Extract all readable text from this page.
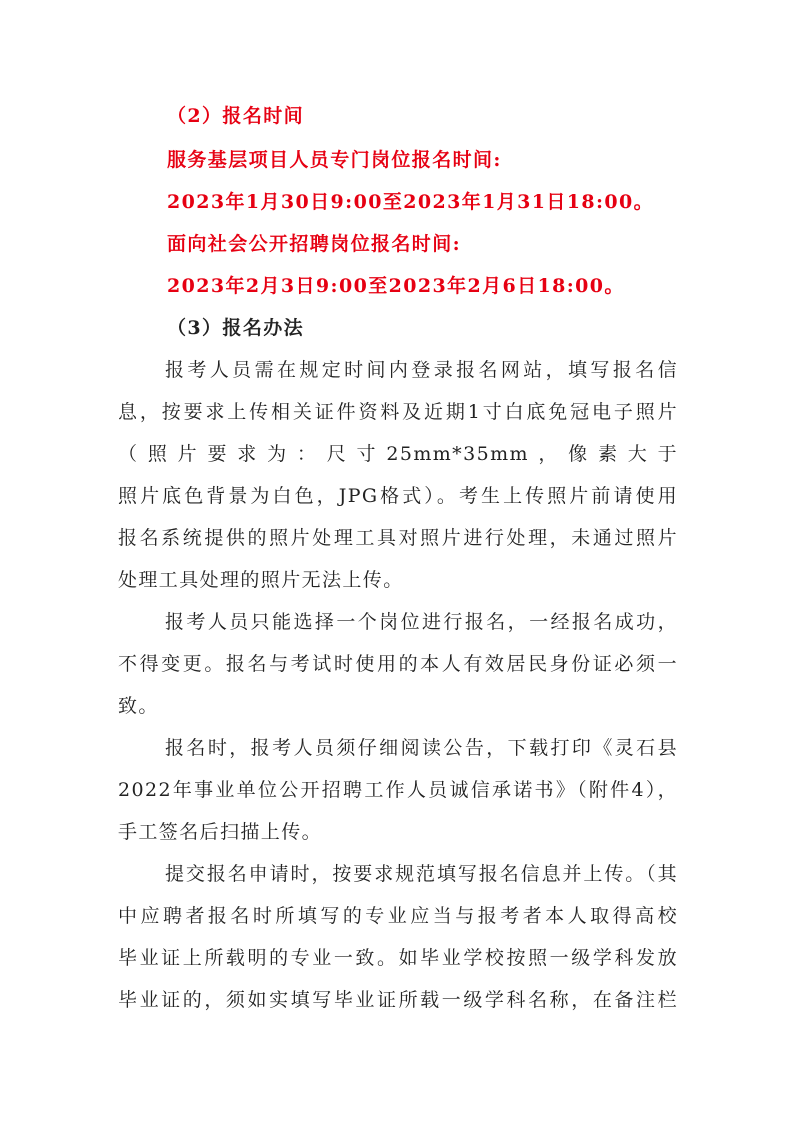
（2）报名时间
服务基层项目人员专门岗位报名时间:
2023年1月30日9:00至2023年1月31日18:00。
面向社会公开招聘岗位报名时间:
2023年2月3日9:00至2023年2月6日18:00。
（3）报名办法
报考人员需在规定时间内登录报名网站，填写报名信
息，按要求上传相关证件资料及近期1寸白底免冠电子照片
（照片要求为：尺寸25mm*35mm，像素大于
照片底色背景为白色，JPG格式）。考生上传照片前请使用
报名系统提供的照片处理工具对照片进行处理，未通过照片
处理工具处理的照片无法上传。
报考人员只能选择一个岗位进行报名，一经报名成功，
不得变更。报名与考试时使用的本人有效居民身份证必须一
致。
报名时，报考人员须仔细阅读公告，下载打印《灵石县
2022年事业单位公开招聘工作人员诚信承诺书》（附件4），
手工签名后扫描上传。
提交报名申请时，按要求规范填写报名信息并上传。（其
中应聘者报名时所填写的专业应当与报考者本人取得高校
毕业证上所载明的专业一致。如毕业学校按照一级学科发放
毕业证的，须如实填写毕业证所载一级学科名称，在备注栏
